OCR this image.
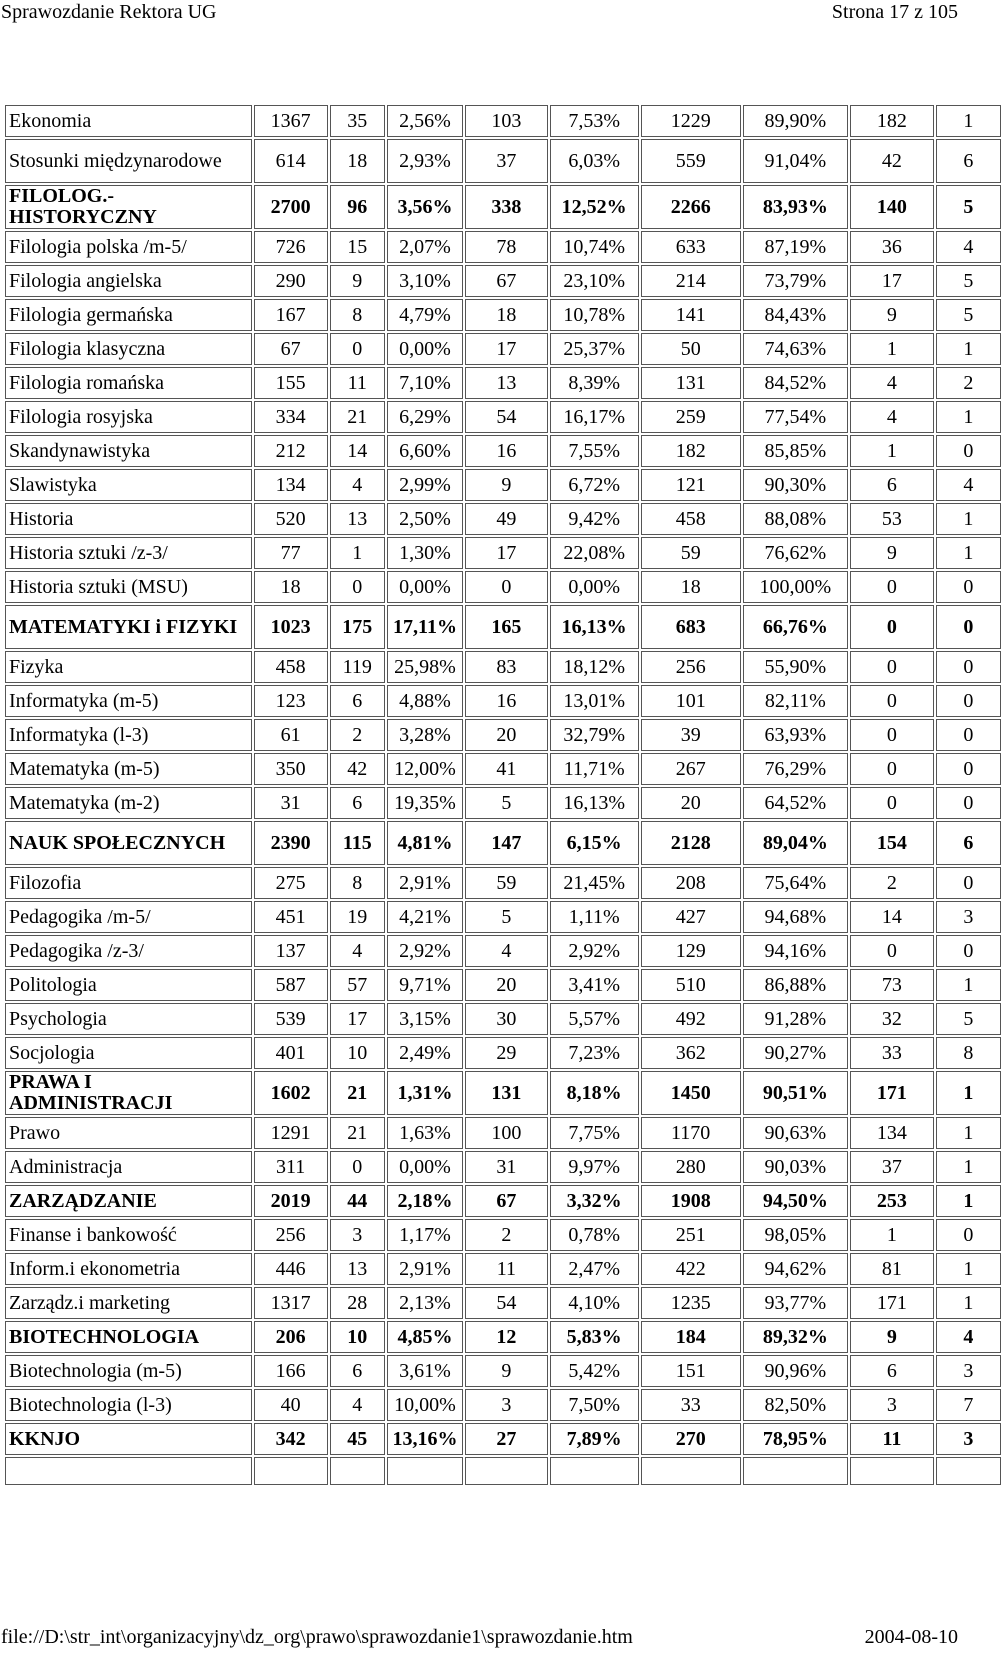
Sprawozdanie Rektora UG	Strona 17 z 105
Ekonomia	1367	35	2,56%	103	7,53%	1229	89,90%	182	1
Stosunki międzynarodowe	614	18	2,93%	37	6,03%	559	91,04%	42	6
FILOLOG.- HISTORYCZNY	2700	96	3,56%	338	12,52%	2266	83,93%	140	5
Filologia polska /m-5/	726	15	2,07%	78	10,74%	633	87,19%	36	4
Filologia angielska	290	9	3,10%	67	23,10%	214	73,79%	17	5
Filologia germańska	167	8	4,79%	18	10,78%	141	84,43%	9	5
Filologia klasyczna	67	0	0,00%	17	25,37%	50	74,63%	1	1
Filologia romańska	155	11	7,10%	13	8,39%	131	84,52%	4	2
Filologia rosyjska	334	21	6,29%	54	16,17%	259	77,54%	4	1
Skandynawistyka	212	14	6,60%	16	7,55%	182	85,85%	1	0
Slawistyka	134	4	2,99%	9	6,72%	121	90,30%	6	4
Historia	520	13	2,50%	49	9,42%	458	88,08%	53	1
Historia sztuki /z-3/	77	1	1,30%	17	22,08%	59	76,62%	9	1
Historia sztuki (MSU)	18	0	0,00%	0	0,00%	18	100,00%	0	0
MATEMATYKI i FIZYKI	1023	175	17,11%	165	16,13%	683	66,76%	0	0
Fizyka	458	119	25,98%	83	18,12%	256	55,90%	0	0
Informatyka (m-5)	123	6	4,88%	16	13,01%	101	82,11%	0	0
Informatyka (l-3)	61	2	3,28%	20	32,79%	39	63,93%	0	0
Matematyka (m-5)	350	42	12,00%	41	11,71%	267	76,29%	0	0
Matematyka (m-2)	31	6	19,35%	5	16,13%	20	64,52%	0	0
NAUK SPOŁECZNYCH	2390	115	4,81%	147	6,15%	2128	89,04%	154	6
Filozofia	275	8	2,91%	59	21,45%	208	75,64%	2	0
Pedagogika /m-5/	451	19	4,21%	5	1,11%	427	94,68%	14	3
Pedagogika /z-3/	137	4	2,92%	4	2,92%	129	94,16%	0	0
Politologia	587	57	9,71%	20	3,41%	510	86,88%	73	1
Psychologia	539	17	3,15%	30	5,57%	492	91,28%	32	5
Socjologia	401	10	2,49%	29	7,23%	362	90,27%	33	8
PRAWA I ADMINISTRACJI	1602	21	1,31%	131	8,18%	1450	90,51%	171	1
Prawo	1291	21	1,63%	100	7,75%	1170	90,63%	134	1
Administracja	311	0	0,00%	31	9,97%	280	90,03%	37	1
ZARZĄDZANIE	2019	44	2,18%	67	3,32%	1908	94,50%	253	1
Finanse i bankowość	256	3	1,17%	2	0,78%	251	98,05%	1	0
Inform.i ekonometria	446	13	2,91%	11	2,47%	422	94,62%	81	1
Zarządz.i marketing	1317	28	2,13%	54	4,10%	1235	93,77%	171	1
BIOTECHNOLOGIA	206	10	4,85%	12	5,83%	184	89,32%	9	4
Biotechnologia (m-5)	166	6	3,61%	9	5,42%	151	90,96%	6	3
Biotechnologia (l-3)	40	4	10,00%	3	7,50%	33	82,50%	3	7
KKNJO	342	45	13,16%	27	7,89%	270	78,95%	11	3

file://D:\str_int\organizacyjny\dz_org\prawo\sprawozdanie1\sprawozdanie.htm	2004-08-10
